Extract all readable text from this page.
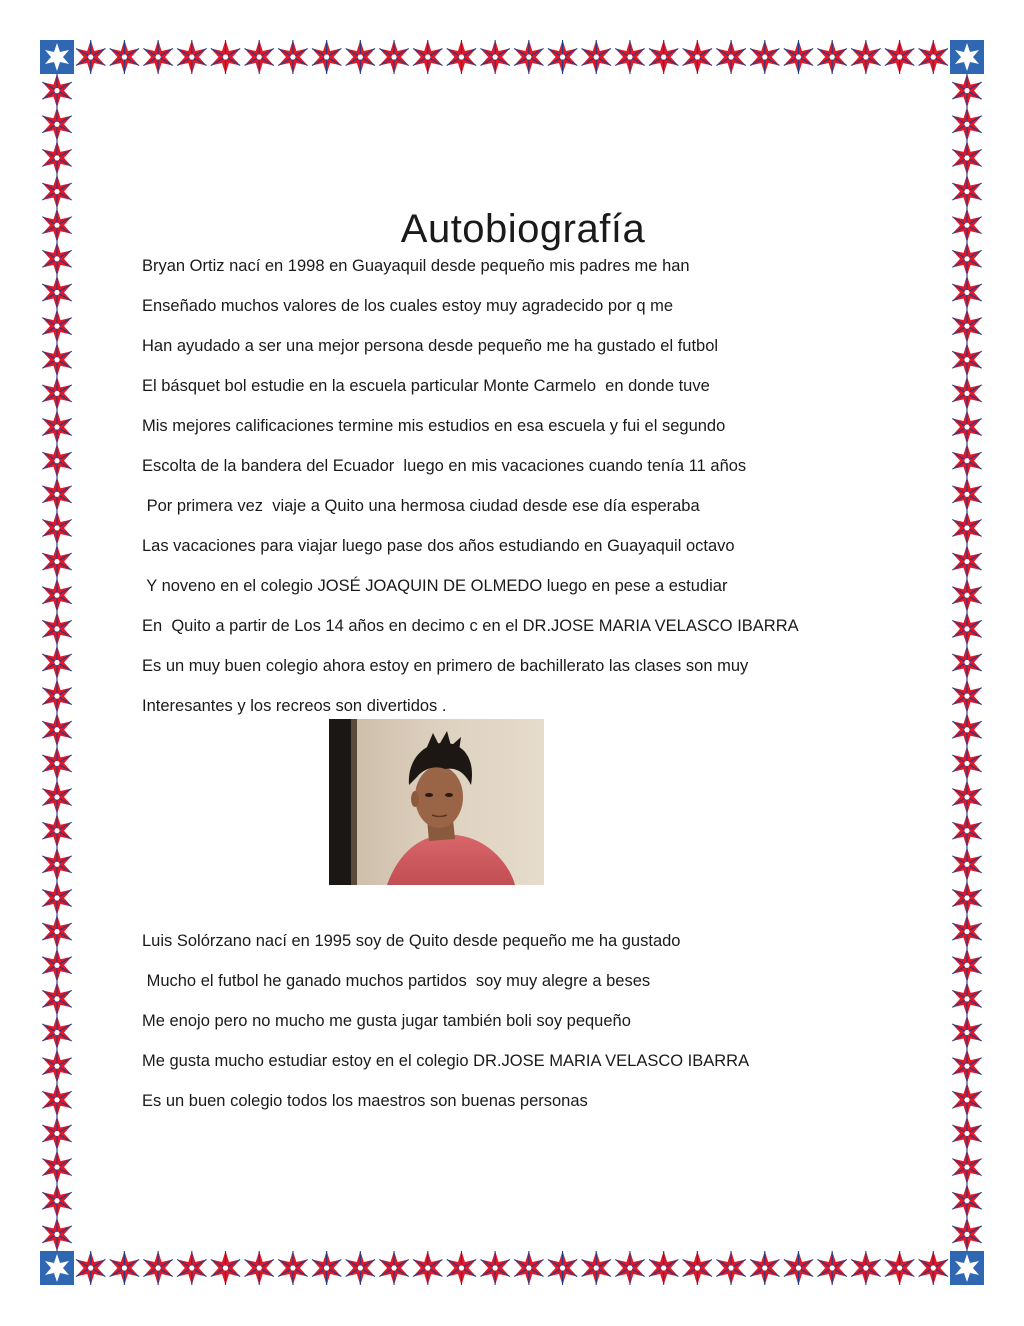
Autobiografía
Bryan Ortiz nací en 1998 en Guayaquil desde pequeño mis padres me han
Enseñado muchos valores de los cuales estoy muy agradecido por q me
Han ayudado a ser una mejor persona desde pequeño me ha gustado el futbol
El básquet bol estudie en la escuela particular Monte Carmelo  en donde tuve
Mis mejores calificaciones termine mis estudios en esa escuela y fui el segundo
Escolta de la bandera del Ecuador  luego en mis vacaciones cuando tenía 11 años
Por primera vez  viaje a Quito una hermosa ciudad desde ese día esperaba
Las vacaciones para viajar luego pase dos años estudiando en Guayaquil octavo
Y noveno en el colegio JOSÉ JOAQUIN DE OLMEDO luego en pese a estudiar
En  Quito a partir de Los 14 años en decimo c en el DR.JOSE MARIA VELASCO IBARRA
Es un muy buen colegio ahora estoy en primero de bachillerato las clases son muy
Interesantes y los recreos son divertidos .
Luis Solórzano nací en 1995 soy de Quito desde pequeño me ha gustado
Mucho el futbol he ganado muchos partidos  soy muy alegre a beses
Me enojo pero no mucho me gusta jugar también boli soy pequeño
Me gusta mucho estudiar estoy en el colegio DR.JOSE MARIA VELASCO IBARRA
Es un buen colegio todos los maestros son buenas personas
